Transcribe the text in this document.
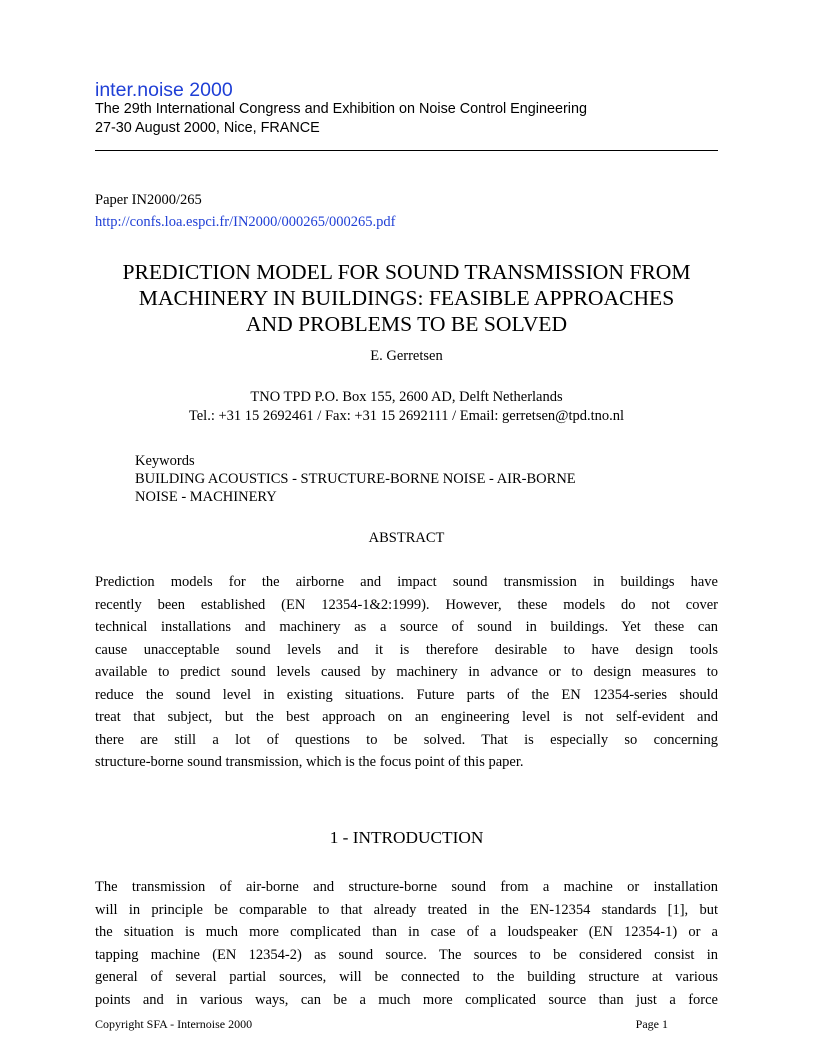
inter.noise 2000
The 29th International Congress and Exhibition on Noise Control Engineering
27-30 August 2000, Nice, FRANCE
Paper IN2000/265
http://confs.loa.espci.fr/IN2000/000265/000265.pdf
PREDICTION MODEL FOR SOUND TRANSMISSION FROM
MACHINERY IN BUILDINGS: FEASIBLE APPROACHES
AND PROBLEMS TO BE SOLVED
E. Gerretsen
TNO TPD P.O. Box 155, 2600 AD, Delft Netherlands
Tel.: +31 15 2692461 / Fax: +31 15 2692111 / Email: gerretsen@tpd.tno.nl
Keywords
BUILDING ACOUSTICS - STRUCTURE-BORNE NOISE - AIR-BORNE
NOISE - MACHINERY
ABSTRACT
Prediction models for the airborne and impact sound transmission in buildings have
recently been established (EN 12354-1&2:1999). However, these models do not cover
technical installations and machinery as a source of sound in buildings. Yet these can
cause unacceptable sound levels and it is therefore desirable to have design tools
available to predict sound levels caused by machinery in advance or to design measures to
reduce the sound level in existing situations. Future parts of the EN 12354-series should
treat that subject, but the best approach on an engineering level is not self-evident and
there are still a lot of questions to be solved. That is especially so concerning
structure-borne sound transmission, which is the focus point of this paper.
1 - INTRODUCTION
The transmission of air-borne and structure-borne sound from a machine or installation
will in principle be comparable to that already treated in the EN-12354 standards [1], but
the situation is much more complicated than in case of a loudspeaker (EN 12354-1) or a
tapping machine (EN 12354-2) as sound source. The sources to be considered consist in
general of several partial sources, will be connected to the building structure at various
points and in various ways, can be a much more complicated source than just a force
Copyright SFA - Internoise 2000	Page 1
